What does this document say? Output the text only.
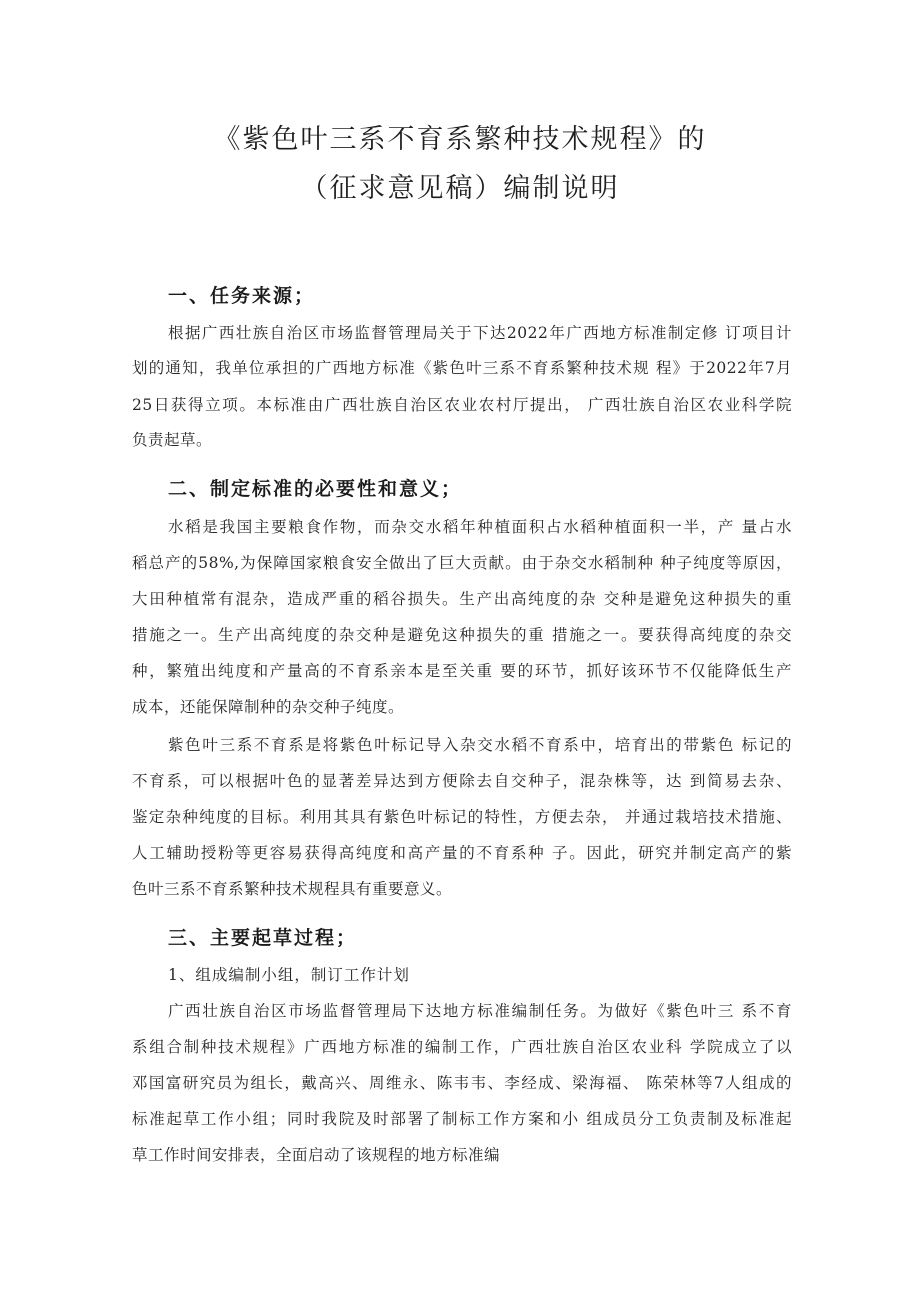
《紫色叶三系不育系繁种技术规程》的
（征求意见稿）编制说明
一、任务来源；
根据广西壮族自治区市场监督管理局关于下达2022年广西地方标准制定修 订项目计
划的通知，我单位承担的广西地方标准《紫色叶三系不育系繁种技术规 程》于2022年7月
25日获得立项。本标准由广西壮族自治区农业农村厅提出， 广西壮族自治区农业科学院
负责起草。
二、制定标准的必要性和意义；
水稻是我国主要粮食作物，而杂交水稻年种植面积占水稻种植面积一半，产 量占水
稻总产的58%,为保障国家粮食安全做出了巨大贡献。由于杂交水稻制种 种子纯度等原因，
大田种植常有混杂，造成严重的稻谷损失。生产出高纯度的杂 交种是避免这种损失的重
措施之一。生产出高纯度的杂交种是避免这种损失的重 措施之一。要获得高纯度的杂交
种，繁殖出纯度和产量高的不育系亲本是至关重 要的环节，抓好该环节不仅能降低生产
成本，还能保障制种的杂交种子纯度。
紫色叶三系不育系是将紫色叶标记导入杂交水稻不育系中，培育出的带紫色 标记的
不育系，可以根据叶色的显著差异达到方便除去自交种子，混杂株等，达 到简易去杂、
鉴定杂种纯度的目标。利用其具有紫色叶标记的特性，方便去杂， 并通过栽培技术措施、
人工辅助授粉等更容易获得高纯度和高产量的不育系种 子。因此，研究并制定高产的紫
色叶三系不育系繁种技术规程具有重要意义。
三、主要起草过程；
1、组成编制小组，制订工作计划
广西壮族自治区市场监督管理局下达地方标准编制任务。为做好《紫色叶三 系不育
系组合制种技术规程》广西地方标准的编制工作，广西壮族自治区农业科 学院成立了以
邓国富研究员为组长，戴高兴、周维永、陈韦韦、李经成、梁海福、 陈荣林等7人组成的
标准起草工作小组；同时我院及时部署了制标工作方案和小 组成员分工负责制及标准起
草工作时间安排表，全面启动了该规程的地方标准编
